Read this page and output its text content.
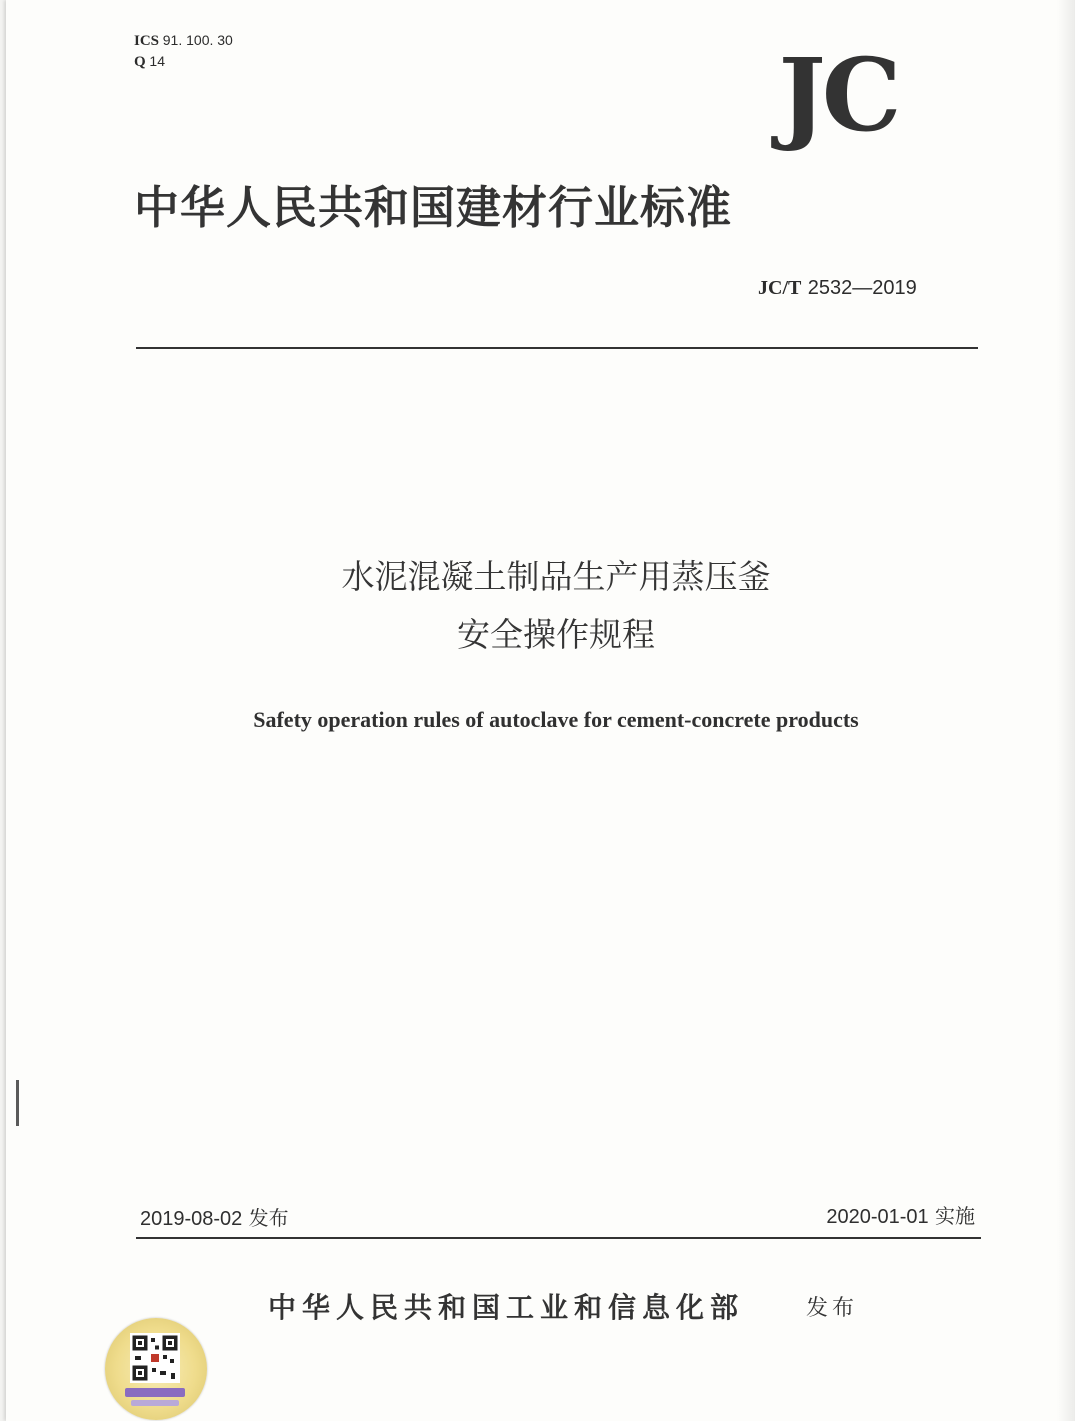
ICS 91. 100. 30
Q 14	JC
中华人民共和国建材行业标准
JC/T 2532—2019
水泥混凝土制品生产用蒸压釜
安全操作规程
Safety operation rules of autoclave for cement-concrete products
2019-08-02 发布	2020-01-01 实施
中华人民共和国工业和信息化部	发布
